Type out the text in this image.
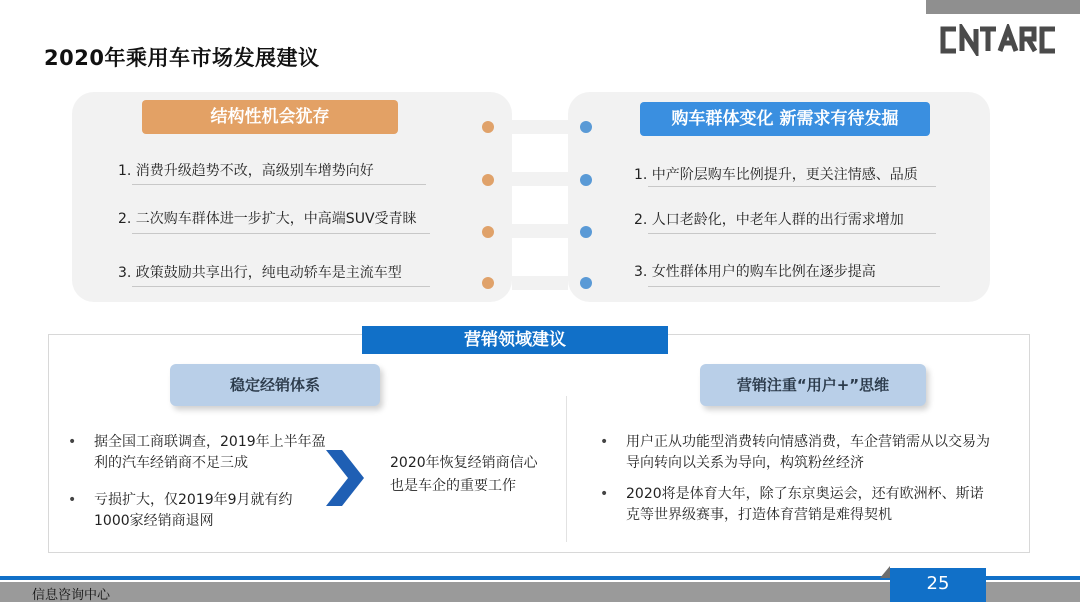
2020年乘用车市场发展建议
结构性机会犹存	购车群体变化 新需求有待发掘
1. 消费升级趋势不改，高级别车增势向好
2. 二次购车群体进一步扩大，中高端SUV受青睐
3. 政策鼓励共享出行，纯电动轿车是主流车型
1. 中产阶层购车比例提升，更关注情感、品质
2. 人口老龄化，中老年人群的出行需求增加
3. 女性群体用户的购车比例在逐步提高
营销领域建议
稳定经销体系	营销注重“用户+”思维
• 据全国工商联调查，2019年上半年盈利的汽车经销商不足三成
• 亏损扩大，仅2019年9月就有约1000家经销商退网
2020年恢复经销商信心也是车企的重要工作
• 用户正从功能型消费转向情感消费，车企营销需从以交易为导向转向以关系为导向，构筑粉丝经济
• 2020将是体育大年，除了东京奥运会，还有欧洲杯、斯诺克等世界级赛事，打造体育营销是难得契机
信息咨询中心
25
